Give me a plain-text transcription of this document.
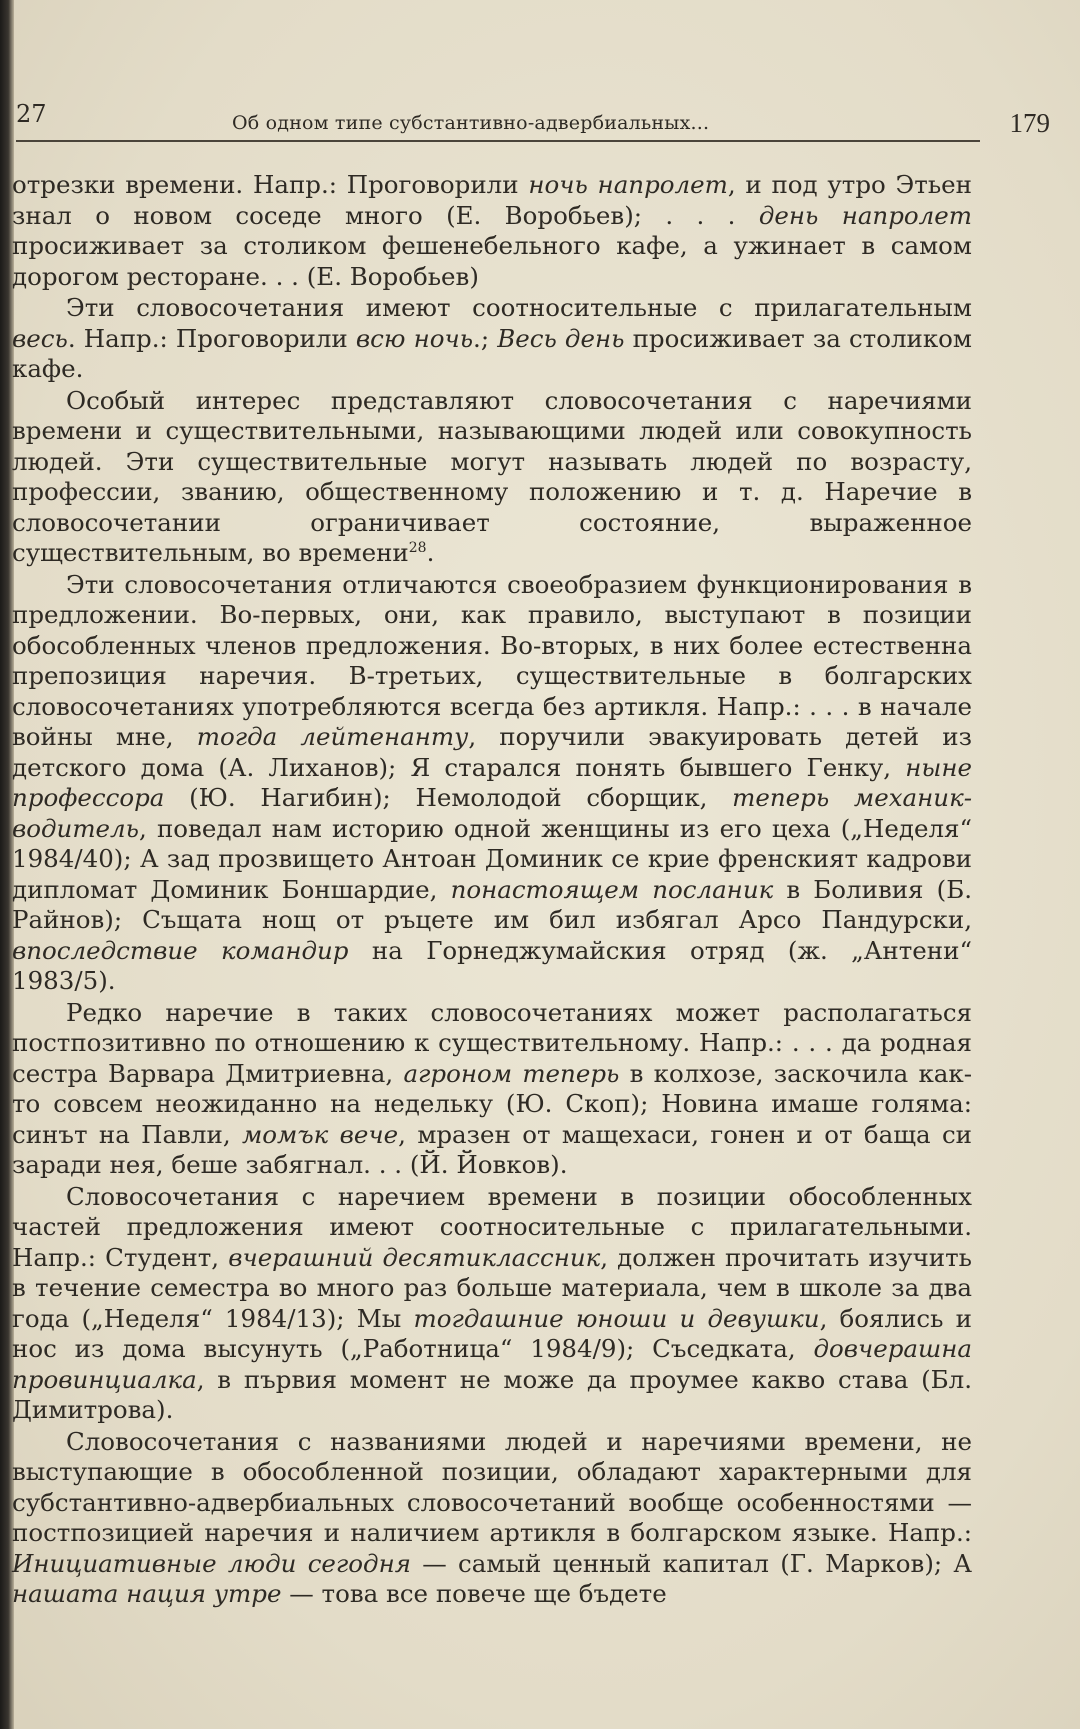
27	Об одном типе субстантивно-адвербиальных...	179

отрезки времени. Напр.: Проговорили ночь напролет, и под утро Этьен знал о новом соседе много (Е. Воробьев); . . . день напролет просиживает за столиком фешенебельного кафе, а ужинает в самом дорогом ресторане. . . (Е. Воробьев)

Эти словосочетания имеют соотносительные с прилагательным весь. Напр.: Проговорили всю ночь.; Весь день просиживает за столиком кафе.

Особый интерес представляют словосочетания с наречиями времени и существительными, называющими людей или совокупность людей. Эти существительные могут называть людей по возрасту, профессии, званию, общественному положению и т. д. Наречие в словосочетании ограничивает состояние, выраженное существительным, во времени$^{28}$.

Эти словосочетания отличаются своеобразием функционирования в предложении. Во-первых, они, как правило, выступают в позиции обособленных членов предложения. Во-вторых, в них более естественна препозиция наречия. В-третьих, существительные в болгарских словосочетаниях употребляются всегда без артикля. Напр.: . . . в начале войны мне, тогда лейтенанту, поручили эвакуировать детей из детского дома (А. Лиханов); Я старался понять бывшего Генку, ныне профессора (Ю. Нагибин); Немолодой сборщик, теперь механик-водитель, поведал нам историю одной женщины из его цеха („Неделя“ 1984/40); А зад прозвището Антоан Доминик се крие френският кадрови дипломат Доминик Боншардие, понастоящем посланик в Боливия (Б. Райнов); Същата нощ от ръцете им бил избягал Арсо Пандурски, впоследствие командир на Горнеджумайския отряд (ж. „Антени“ 1983/5).

Редко наречие в таких словосочетаниях может располагаться постпозитивно по отношению к существительному. Напр.: . . . да родная сестра Варвара Дмитриевна, агроном теперь в колхозе, заскочила как-то совсем неожиданно на недельку (Ю. Скоп); Новина имаше голяма: синът на Павли, момък вече, мразен от мащехаси, гонен и от баща си заради нея, беше забягнал. . . (Й. Йовков).

Словосочетания с наречием времени в позиции обособленных частей предложения имеют соотносительные с прилагательными. Напр.: Студент, вчерашний десятиклассник, должен прочитать изучить в течение семестра во много раз больше материала, чем в школе за два года („Неделя“ 1984/13); Мы тогдашние юноши и девушки, боялись и нос из дома высунуть („Работница“ 1984/9); Съседката, довчерашна провинциалка, в първия момент не може да проумее какво става (Бл. Димитрова).

Словосочетания с названиями людей и наречиями времени, не выступающие в обособленной позиции, обладают характерными для субстантивно-адвербиальных словосочетаний вообще особенностями — постпозицией наречия и наличием артикля в болгарском языке. Напр.: Инициативные люди сегодня — самый ценный капитал (Г. Марков); А нашата нация утре — това все повече ще бъдете
